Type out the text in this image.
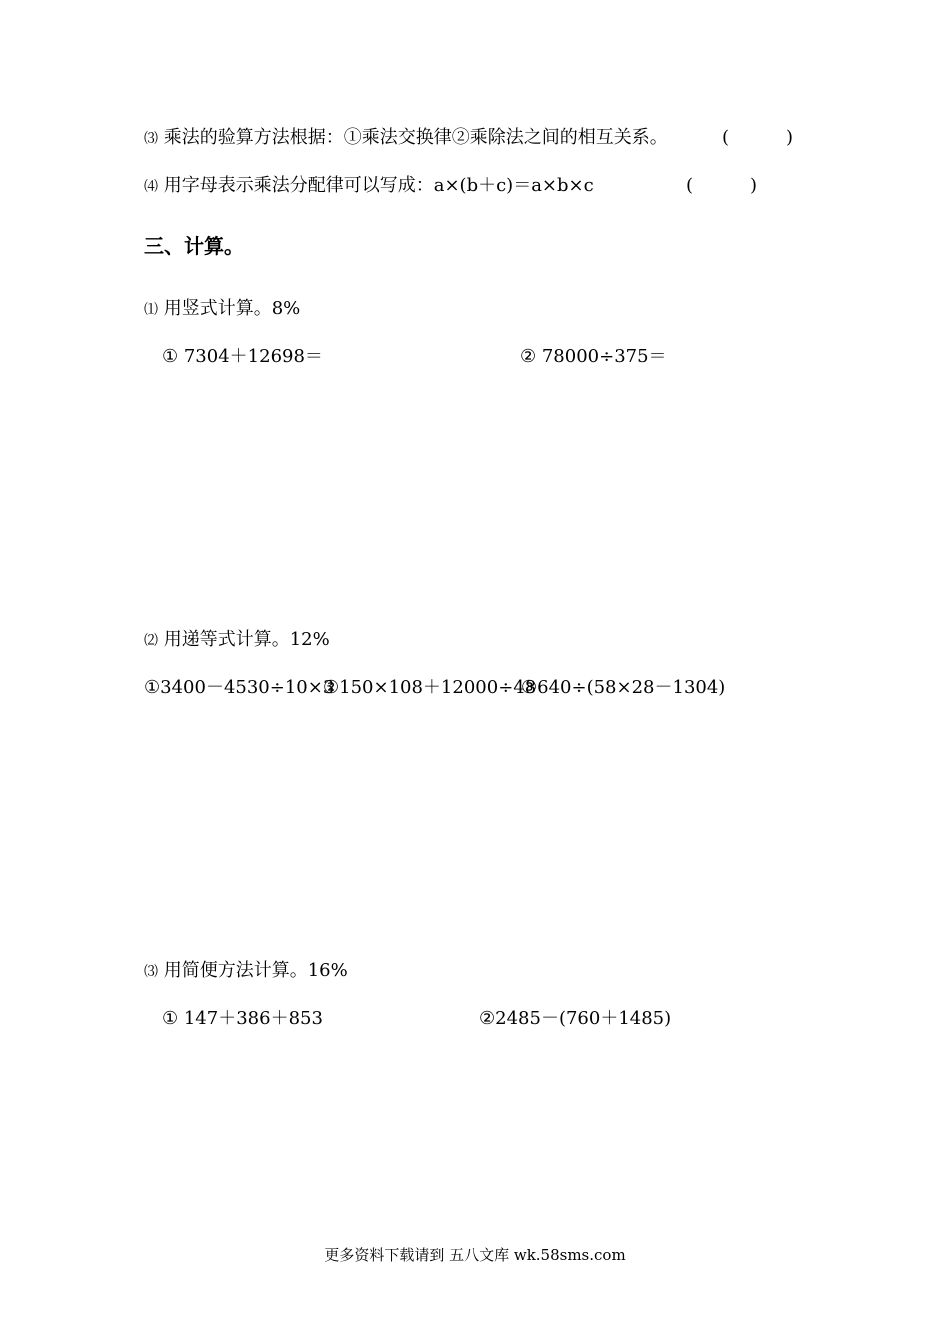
⑶ 乘法的验算方法根据：①乘法交换律②乘除法之间的相互关系。	(	)
⑷ 用字母表示乘法分配律可以写成：a×(b＋c)＝a×b×c	(	)
三、计算。
⑴ 用竖式计算。8%
① 7304＋12698＝	② 78000÷375＝
⑵ 用递等式计算。12%
①3400－4530÷10×3
②150×108＋12000÷48
③640÷(58×28－1304)
⑶ 用简便方法计算。16%
① 147＋386＋853	②2485－(760＋1485)
更多资料下载请到 五八文库 wk.58sms.com
